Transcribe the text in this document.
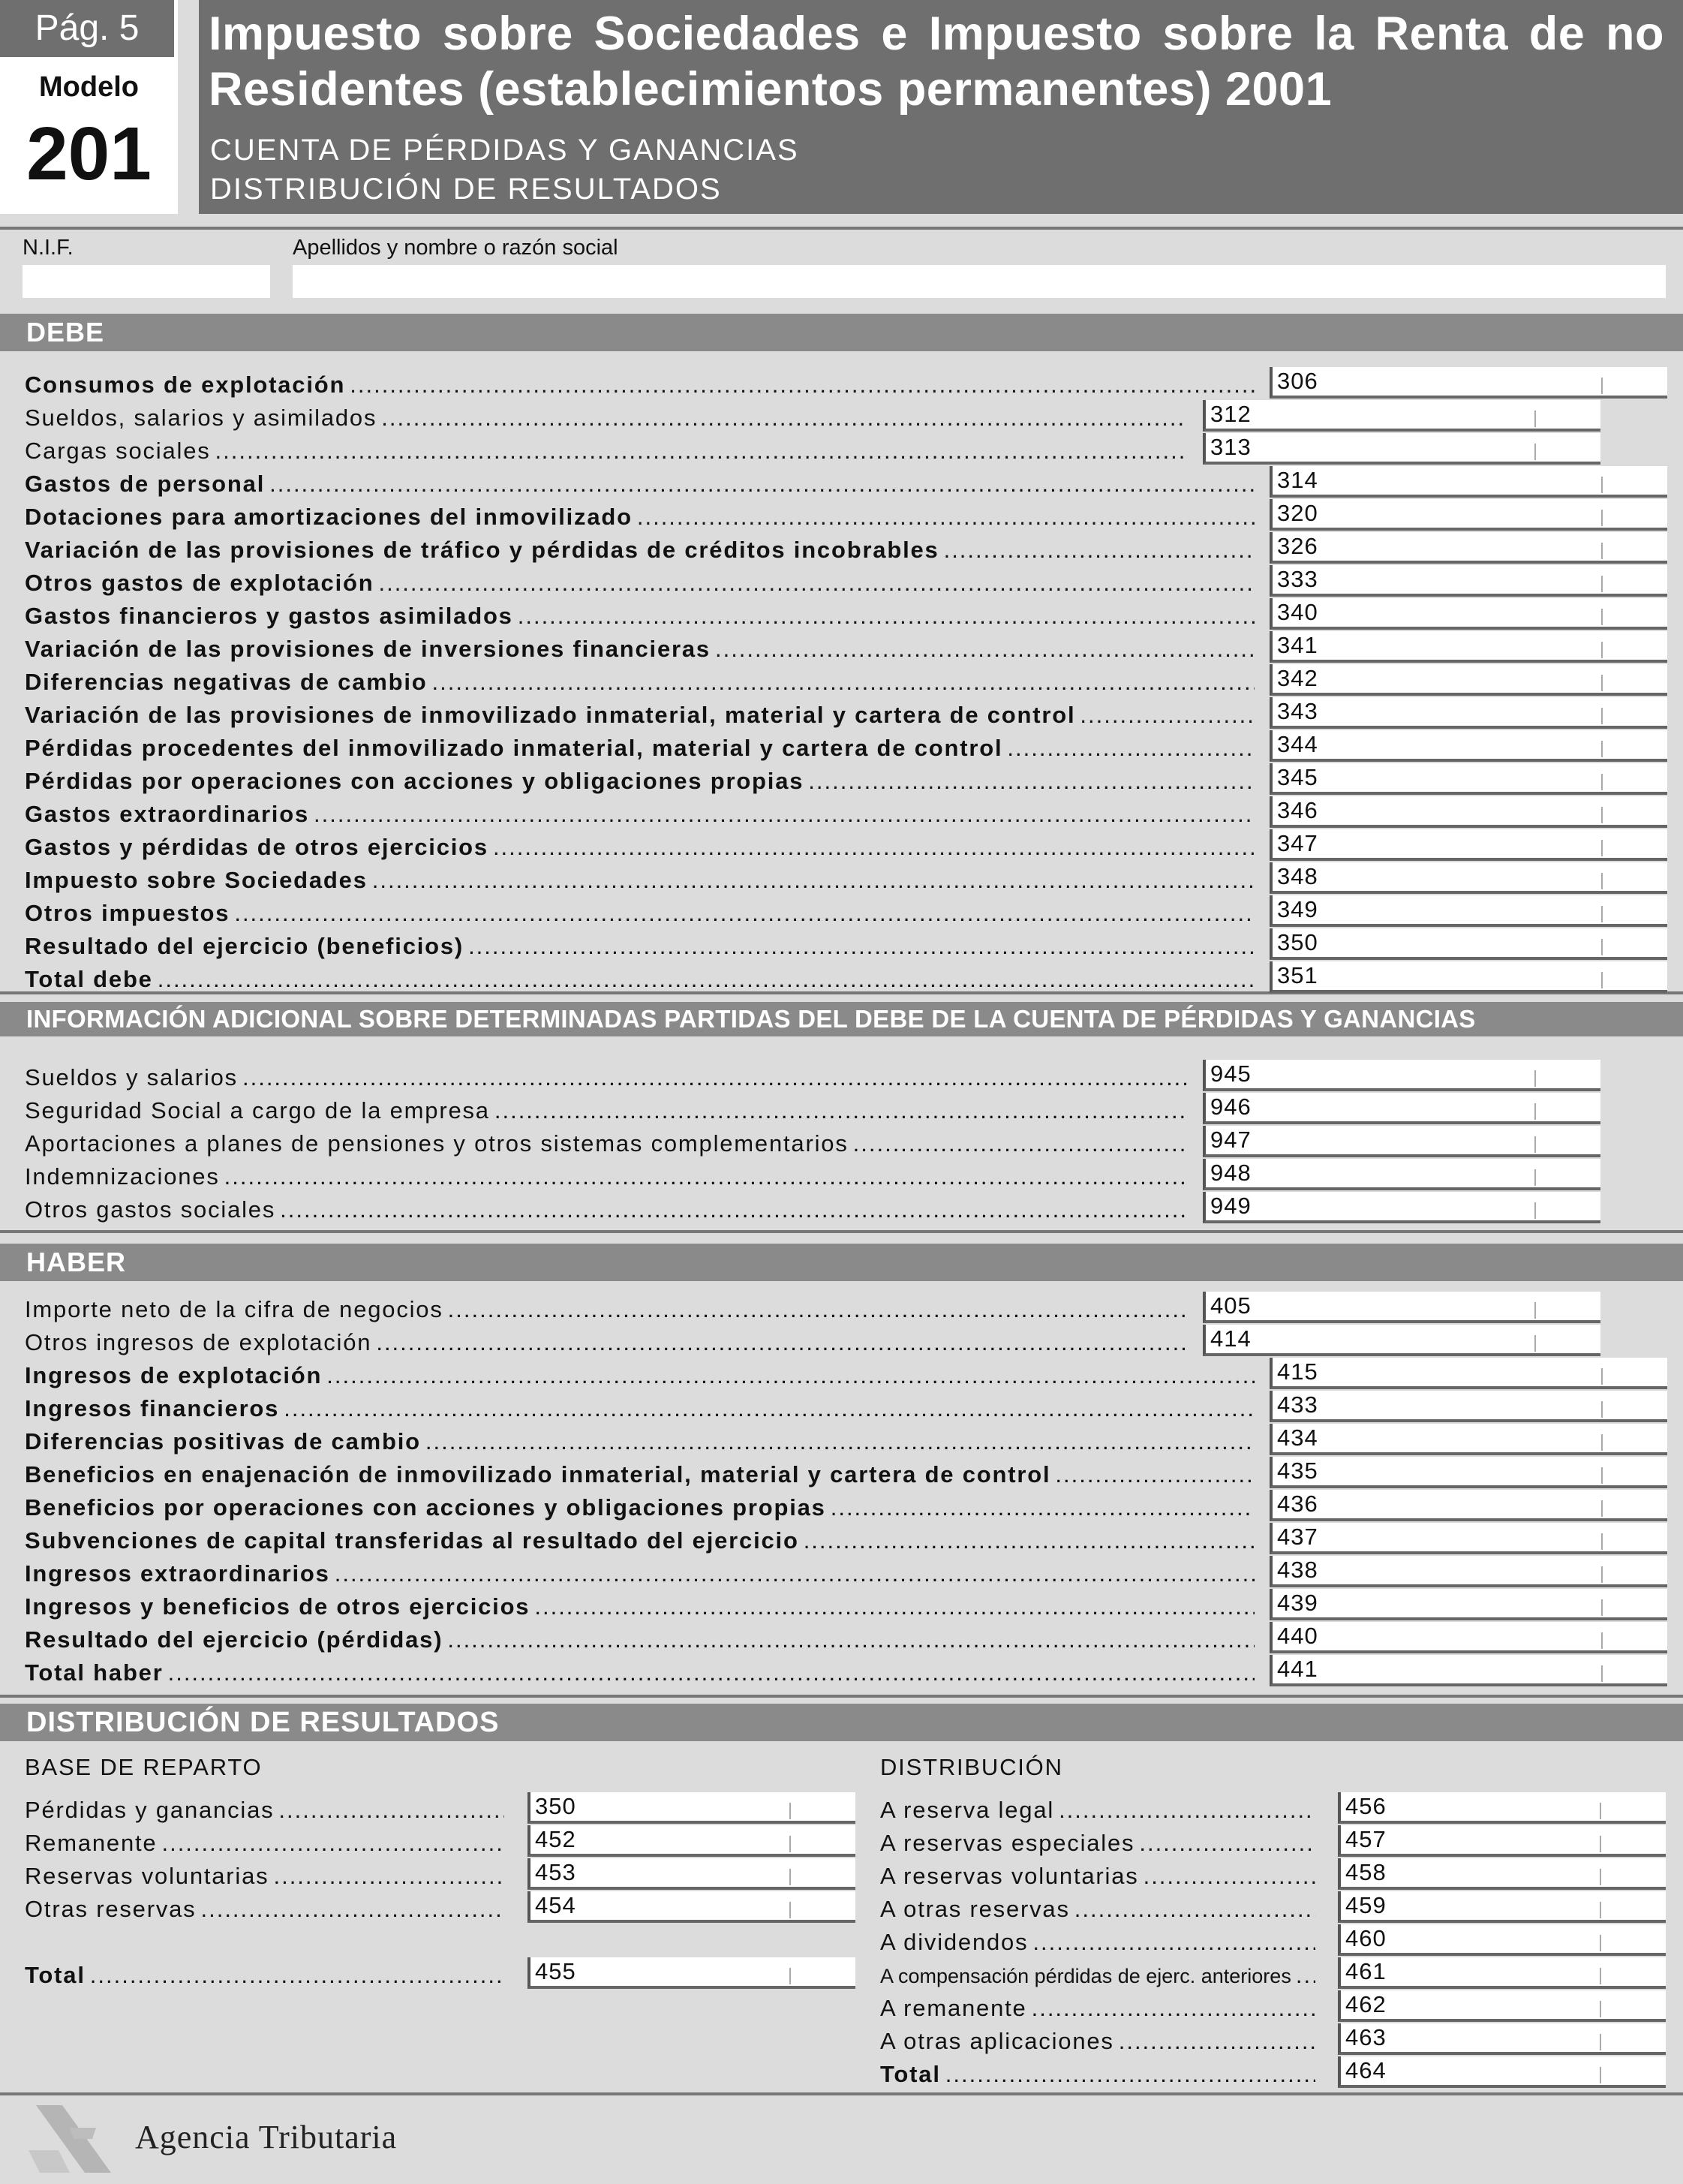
Pág. 5
Modelo
201
Impuesto sobre Sociedades e Impuesto sobre la Renta de no Residentes (establecimientos permanentes) 2001
CUENTA DE PÉRDIDAS Y GANANCIAS
DISTRIBUCIÓN DE RESULTADOS
N.I.F.	Apellidos y nombre o razón social
DEBE
INFORMACIÓN ADICIONAL SOBRE DETERMINADAS PARTIDAS DEL DEBE DE LA CUENTA DE PÉRDIDAS Y GANANCIAS
HABER
DISTRIBUCIÓN DE RESULTADOS
BASE DE REPARTO	DISTRIBUCIÓN
Consumos de explotación .....	306
Sueldos, salarios y asimilados .....	312
Cargas sociales .....	313
Gastos de personal .....	314
Dotaciones para amortizaciones del inmovilizado .....	320
Variación de las provisiones de tráfico y pérdidas de créditos incobrables .....	326
Otros gastos de explotación .....	333
Gastos financieros y gastos asimilados .....	340
Variación de las provisiones de inversiones financieras .....	341
Diferencias negativas de cambio .....	342
Variación de las provisiones de inmovilizado inmaterial, material y cartera de control .....	343
Pérdidas procedentes del inmovilizado inmaterial, material y cartera de control .....	344
Pérdidas por operaciones con acciones y obligaciones propias .....	345
Gastos extraordinarios .....	346
Gastos y pérdidas de otros ejercicios .....	347
Impuesto sobre Sociedades .....	348
Otros impuestos .....	349
Resultado del ejercicio (beneficios) .....	350
Total debe .....	351
Sueldos y salarios .....	945
Seguridad Social a cargo de la empresa .....	946
Aportaciones a planes de pensiones y otros sistemas complementarios .....	947
Indemnizaciones .....	948
Otros gastos sociales .....	949
Importe neto de la cifra de negocios .....	405
Otros ingresos de explotación .....	414
Ingresos de explotación .....	415
Ingresos financieros .....	433
Diferencias positivas de cambio .....	434
Beneficios en enajenación de inmovilizado inmaterial, material y cartera de control .....	435
Beneficios por operaciones con acciones y obligaciones propias .....	436
Subvenciones de capital transferidas al resultado del ejercicio .....	437
Ingresos extraordinarios .....	438
Ingresos y beneficios de otros ejercicios .....	439
Resultado del ejercicio (pérdidas) .....	440
Total haber .....	441
Pérdidas y ganancias .....	350
Remanente .....	452
Reservas voluntarias .....	453
Otras reservas .....	454
Total .....	455
A reserva legal .....	456
A reservas especiales .....	457
A reservas voluntarias .....	458
A otras reservas .....	459
A dividendos .....	460
A compensación pérdidas de ejerc. anteriores ..... 461
A remanente .....	462
A otras aplicaciones .....	463
Total .....	464
Agencia Tributaria
